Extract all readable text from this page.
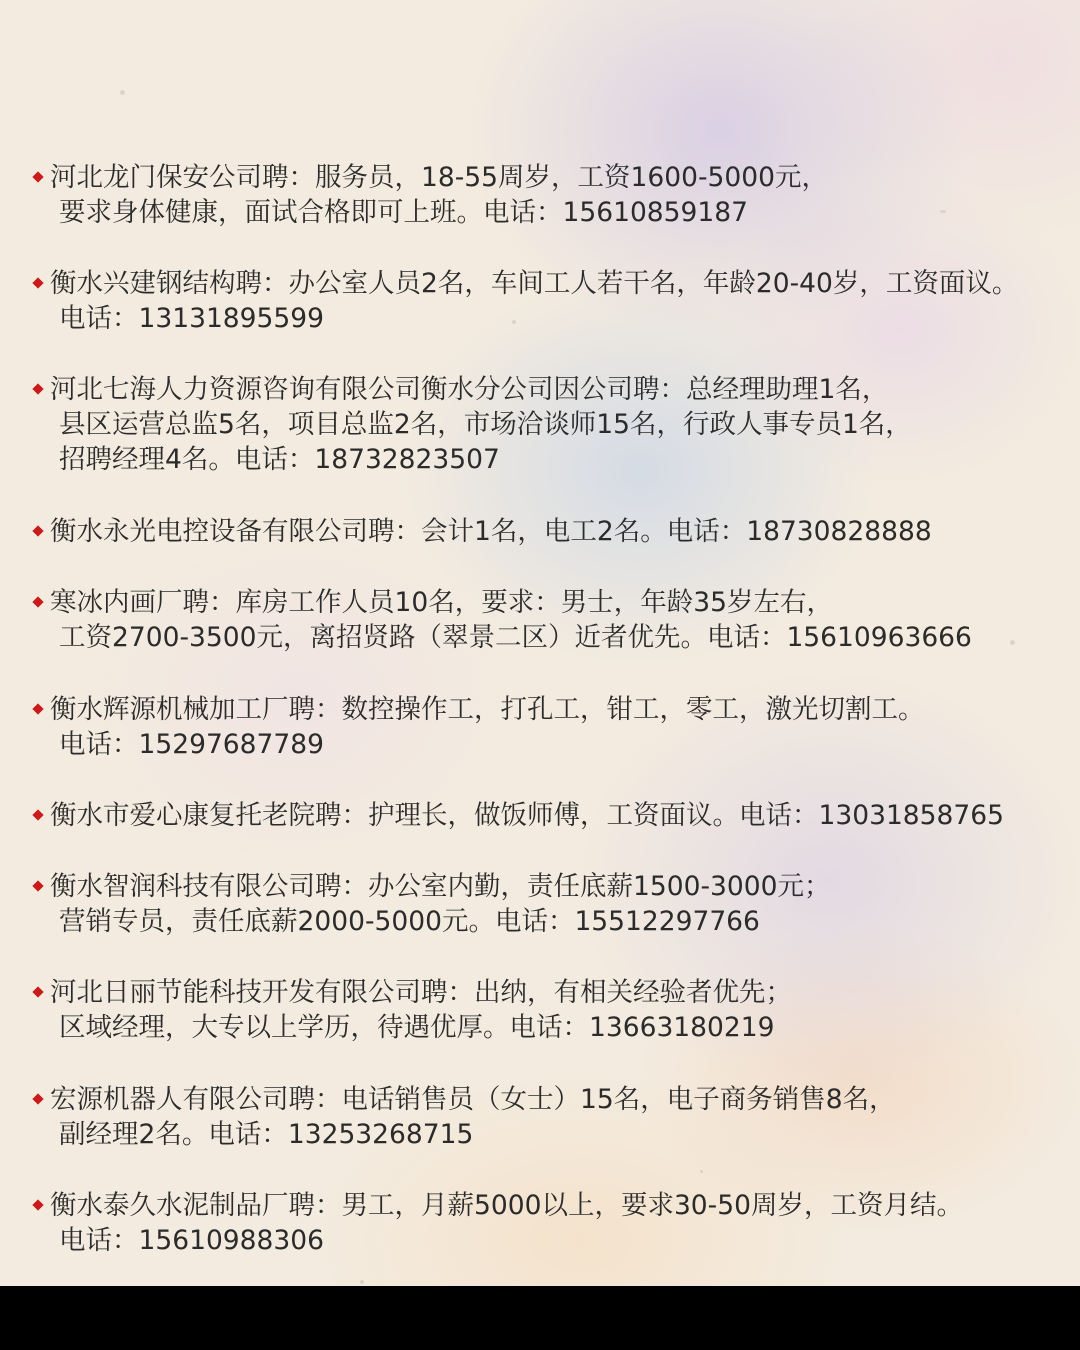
河北龙门保安公司聘：服务员，18-55周岁，工资1600-5000元，
要求身体健康，面试合格即可上班。电话：15610859187
衡水兴建钢结构聘：办公室人员2名，车间工人若干名，年龄20-40岁，工资面议。
电话：13131895599
河北七海人力资源咨询有限公司衡水分公司因公司聘：总经理助理1名，
县区运营总监5名，项目总监2名，市场洽谈师15名，行政人事专员1名，
招聘经理4名。电话：18732823507
衡水永光电控设备有限公司聘：会计1名，电工2名。电话：18730828888
寒冰内画厂聘：库房工作人员10名，要求：男士，年龄35岁左右，
工资2700-3500元，离招贤路（翠景二区）近者优先。电话：15610963666
衡水辉源机械加工厂聘：数控操作工，打孔工，钳工，零工，激光切割工。
电话：15297687789
衡水市爱心康复托老院聘：护理长，做饭师傅，工资面议。电话：13031858765
衡水智润科技有限公司聘：办公室内勤，责任底薪1500-3000元；
营销专员，责任底薪2000-5000元。电话：15512297766
河北日丽节能科技开发有限公司聘：出纳，有相关经验者优先；
区域经理，大专以上学历，待遇优厚。电话：13663180219
宏源机器人有限公司聘：电话销售员（女士）15名，电子商务销售8名，
副经理2名。电话：13253268715
衡水泰久水泥制品厂聘：男工，月薪5000以上，要求30-50周岁，工资月结。
电话：15610988306
